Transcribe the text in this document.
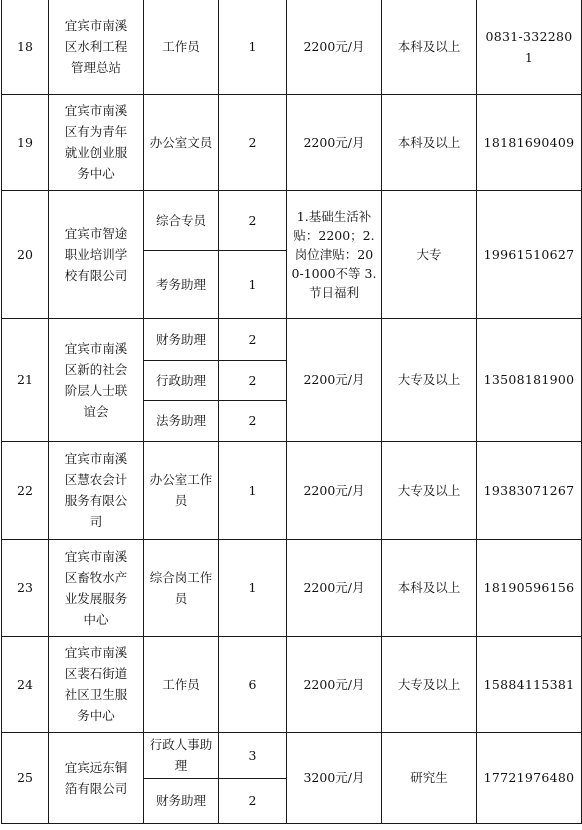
18	宜宾市南溪区水利工程管理总站	工作员	1	2200元/月	本科及以上	0831-3322801
19	宜宾市南溪区有为青年就业创业服务中心	办公室文员	2	2200元/月	本科及以上	18181690409
20	宜宾市智途职业培训学校有限公司	综合专员	2	1.基础生活补贴：2200；2.岗位津贴：200-1000不等 3.节日福利	大专	19961510627
		考务助理	1			
21	宜宾市南溪区新的社会阶层人士联谊会	财务助理	2	2200元/月	大专及以上	13508181900
		行政助理	2			
		法务助理	2			
22	宜宾市南溪区慧农会计服务有限公司	办公室工作员	1	2200元/月	大专及以上	19383071267
23	宜宾市南溪区畜牧水产业发展服务中心	综合岗工作员	1	2200元/月	本科及以上	18190596156
24	宜宾市南溪区裴石街道社区卫生服务中心	工作员	6	2200元/月	大专及以上	15884115381
25	宜宾远东铜箔有限公司	行政人事助理	3	3200元/月	研究生	17721976480
		财务助理	2			
